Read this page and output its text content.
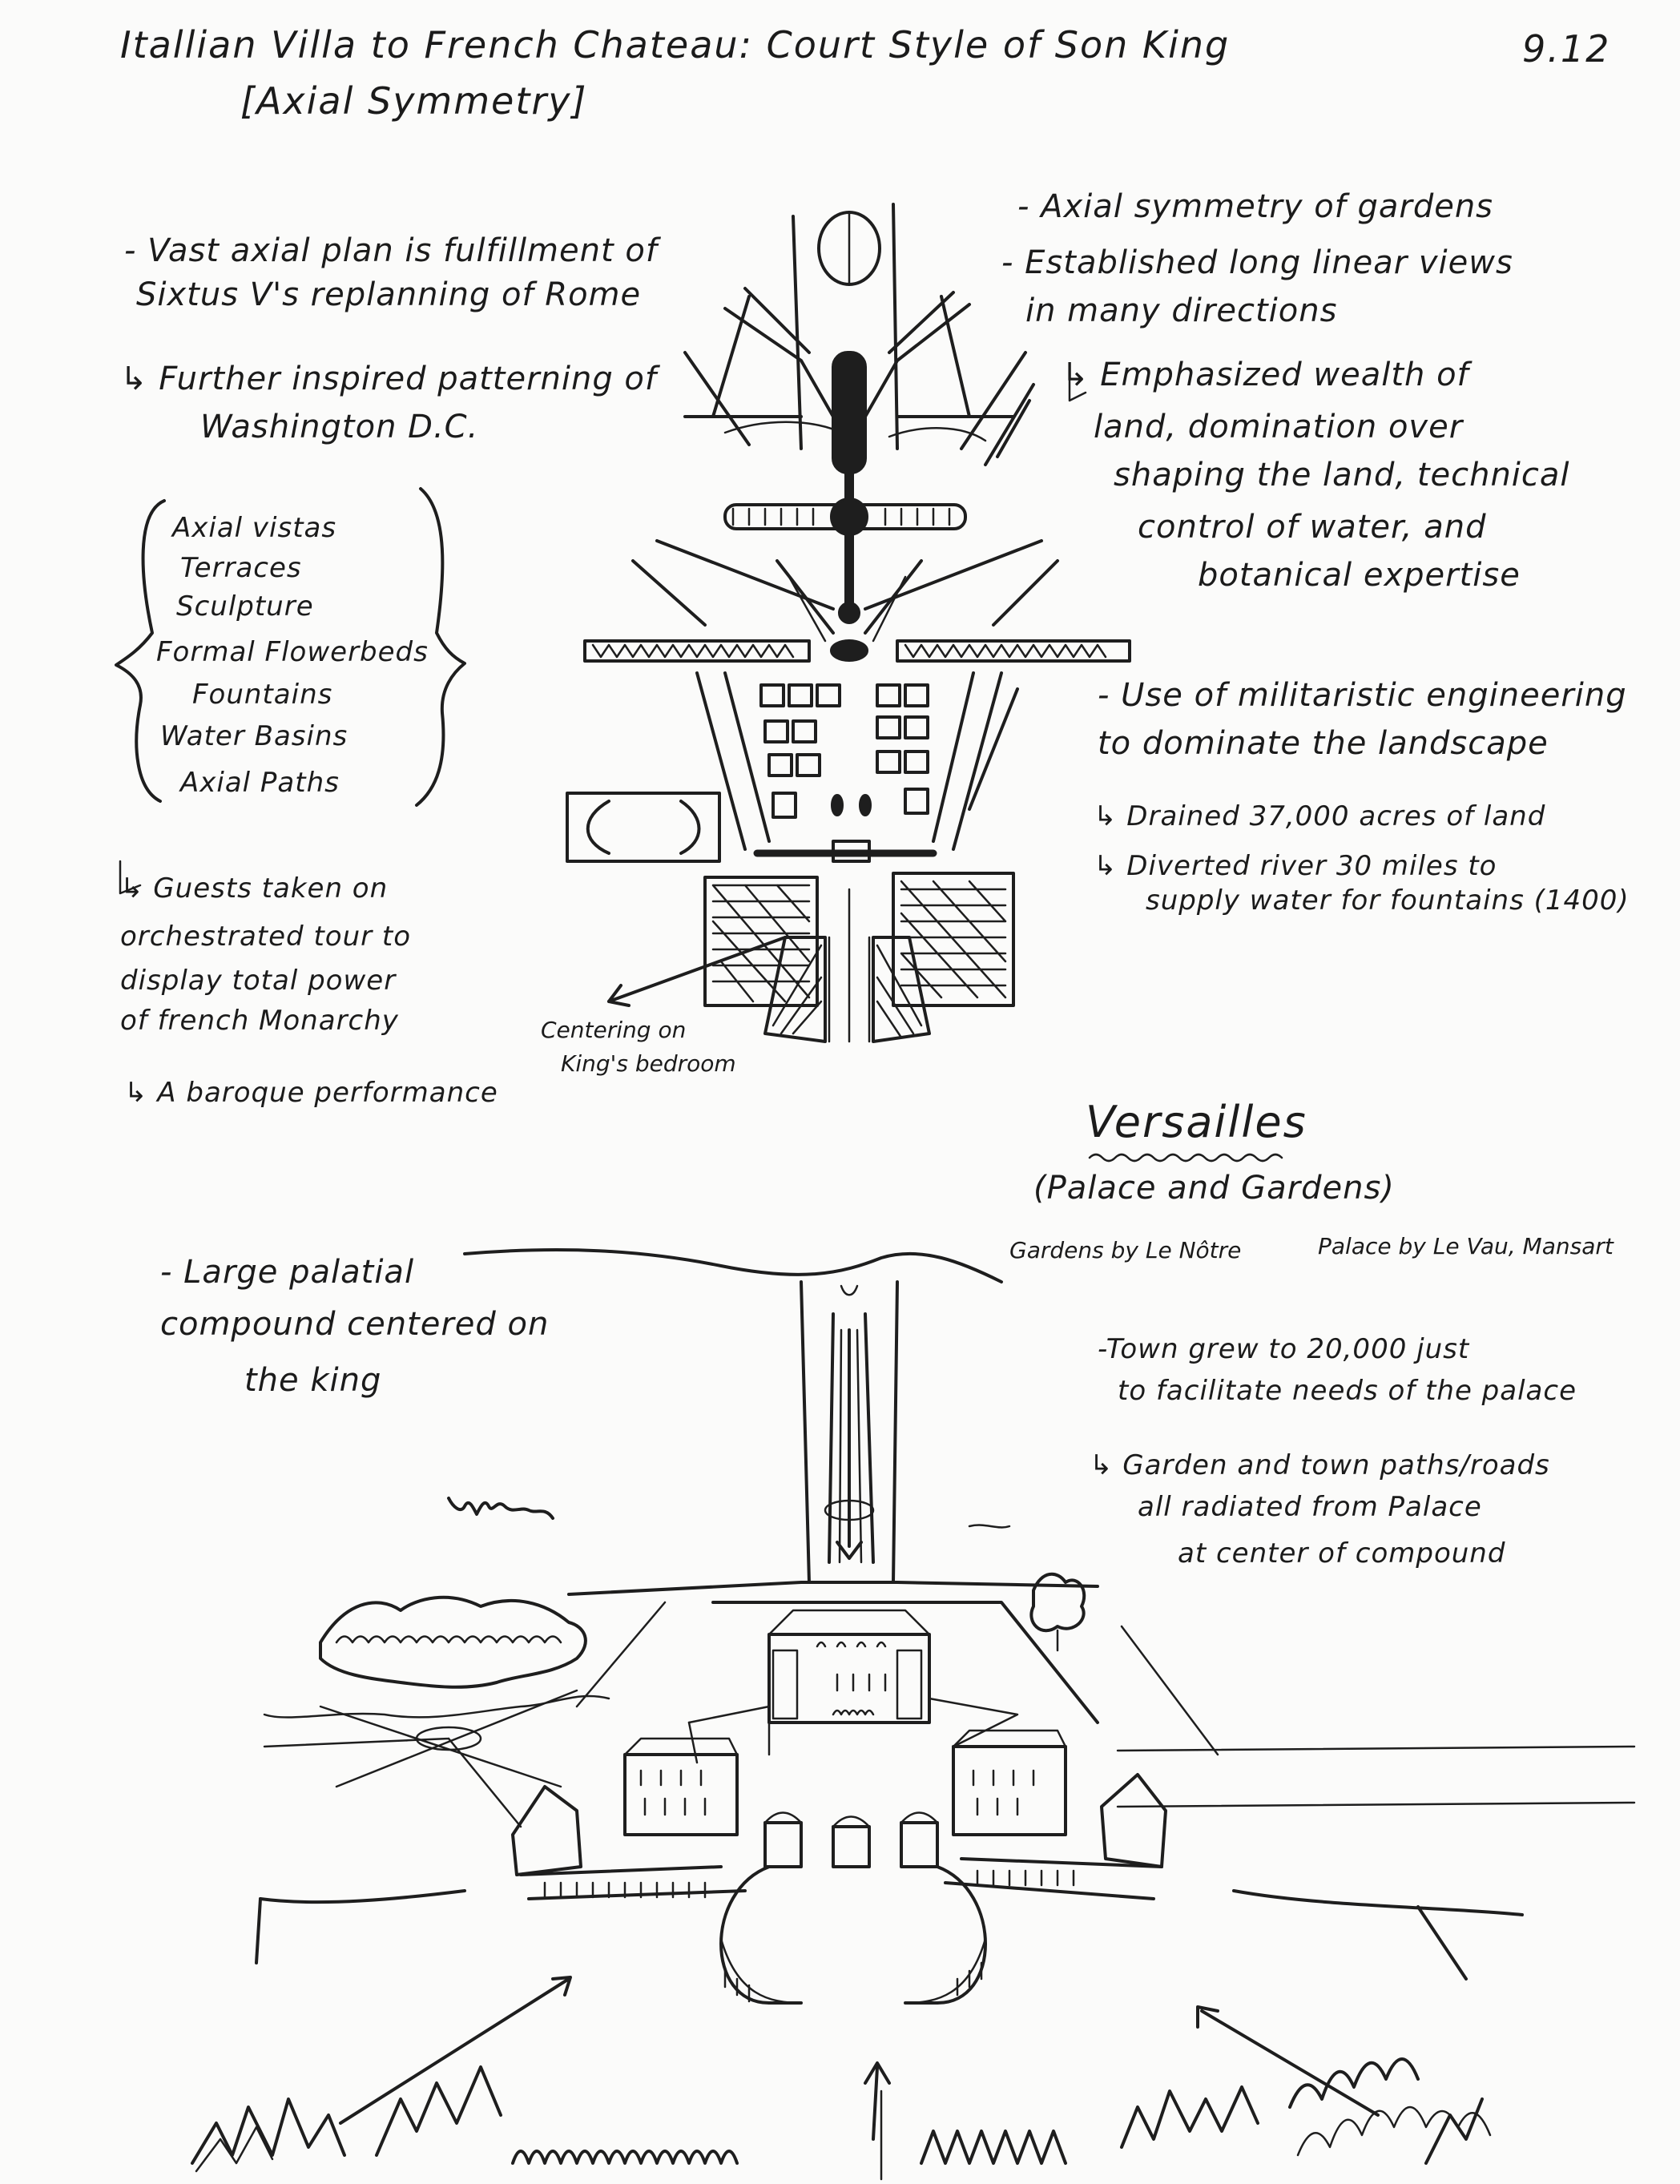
Itallian Villa to French Chateau: Court Style of Son King
[Axial Symmetry]
9.12
- Vast axial plan is fulfillment of
Sixtus V's replanning of Rome
↳ Further inspired patterning of
Washington D.C.
Axial vistas
Terraces
Sculpture
Formal Flowerbeds
Fountains
Water Basins
Axial Paths
↳ Guests taken on
orchestrated tour to
display total power
of french Monarchy
↳ A baroque performance
Centering on
King's bedroom
- Axial symmetry of gardens
- Established long linear views
in many directions
↳ Emphasized wealth of
land, domination over
shaping the land, technical
control of water, and
botanical expertise
- Use of militaristic engineering
to dominate the landscape
↳ Drained 37,000 acres of land
↳ Diverted river 30 miles to
supply water for fountains (1400)
Versailles
(Palace and Gardens)
Gardens by Le Nôtre	Palace by Le Vau, Mansart
- Large palatial
compound centered on
the king
-Town grew to 20,000 just
to facilitate needs of the palace
↳ Garden and town paths/roads
all radiated from Palace
at center of compound
